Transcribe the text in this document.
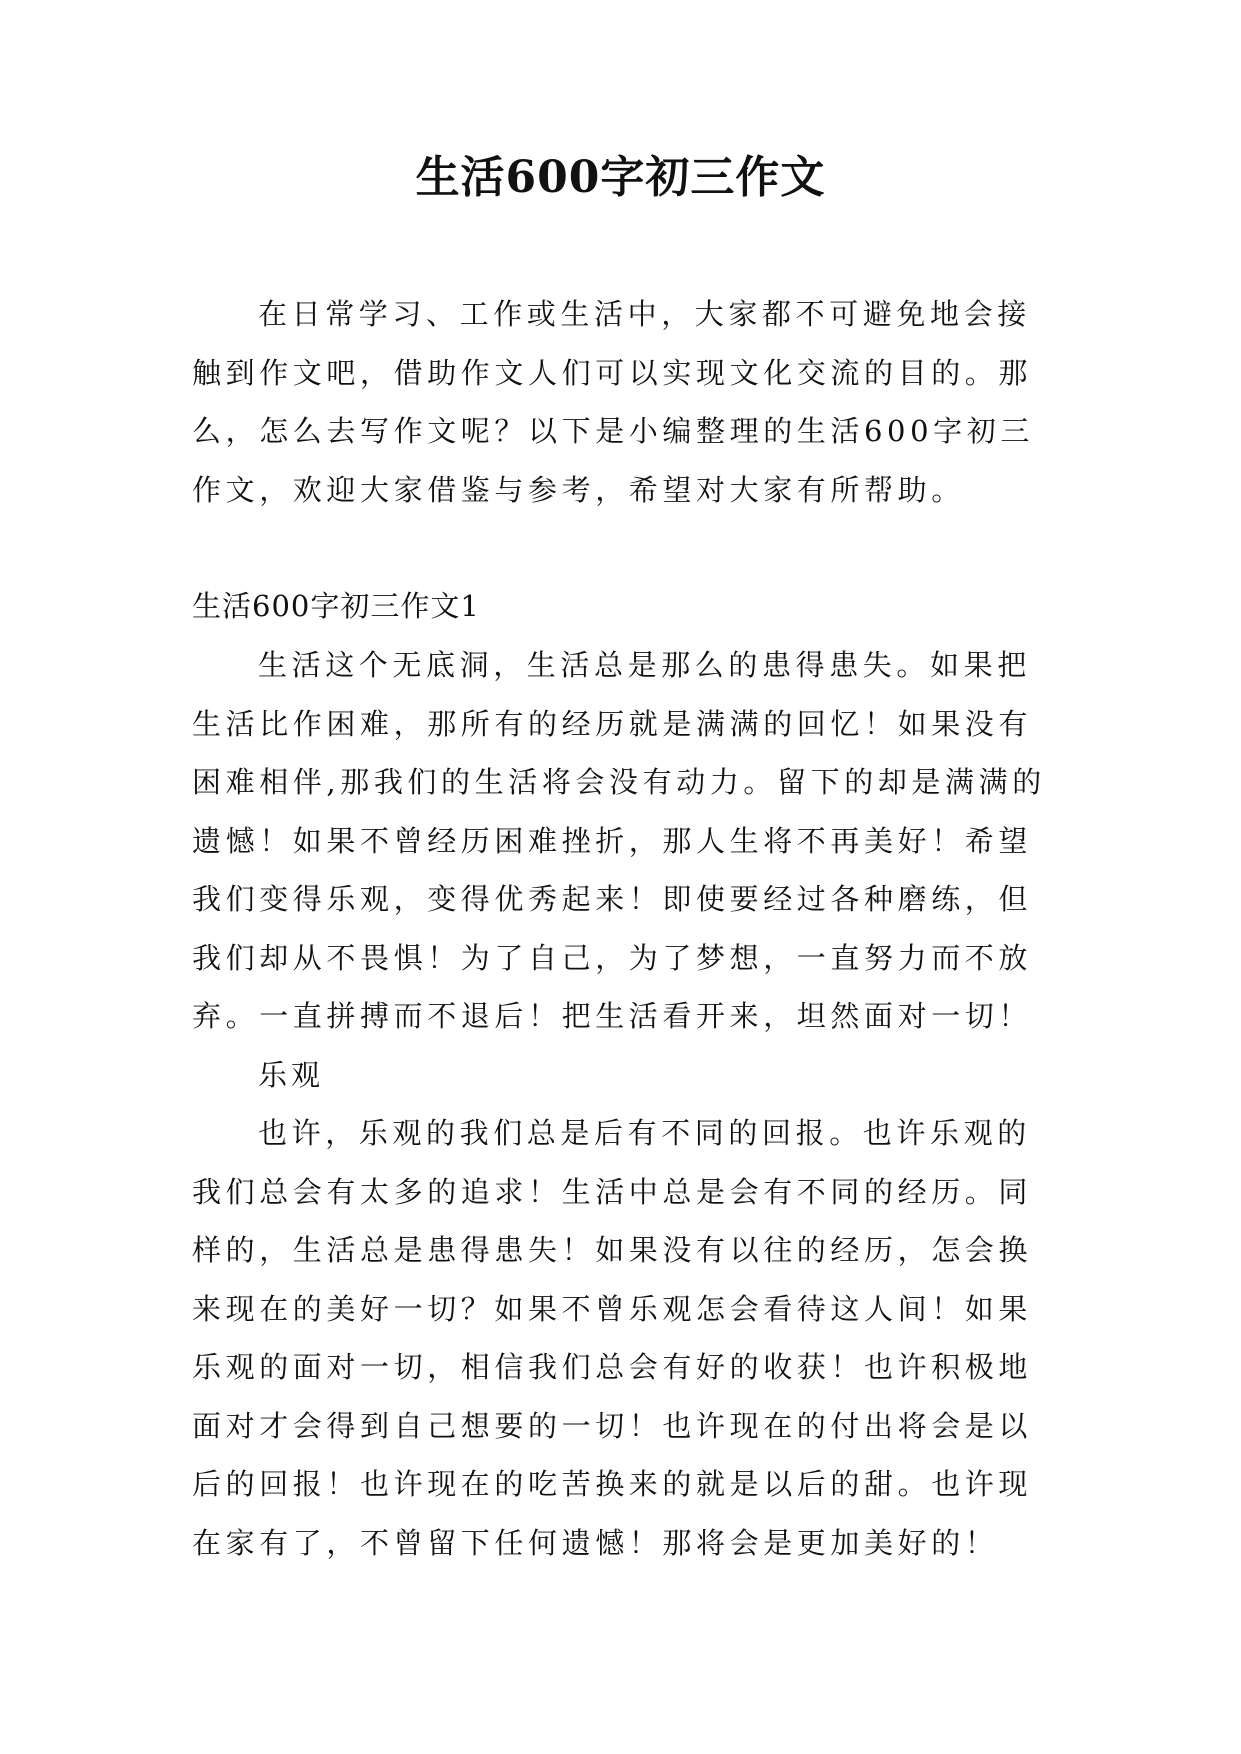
生活600字初三作文
在日常学习、工作或生活中，大家都不可避免地会接触到作文吧，借助作文人们可以实现文化交流的目的。那么，怎么去写作文呢？以下是小编整理的生活600字初三作文，欢迎大家借鉴与参考，希望对大家有所帮助。
生活600字初三作文1
生活这个无底洞，生活总是那么的患得患失。如果把生活比作困难，那所有的经历就是满满的回忆！如果没有困难相伴,那我们的生活将会没有动力。留下的却是满满的遗憾！如果不曾经历困难挫折，那人生将不再美好！希望我们变得乐观，变得优秀起来！即使要经过各种磨练，但我们却从不畏惧！为了自己，为了梦想，一直努力而不放弃。一直拼搏而不退后！把生活看开来，坦然面对一切！
乐观
也许，乐观的我们总是后有不同的回报。也许乐观的我们总会有太多的追求！生活中总是会有不同的经历。同样的，生活总是患得患失！如果没有以往的经历，怎会换来现在的美好一切？如果不曾乐观怎会看待这人间！如果乐观的面对一切，相信我们总会有好的收获！也许积极地面对才会得到自己想要的一切！也许现在的付出将会是以后的回报！也许现在的吃苦换来的就是以后的甜。也许现在家有了，不曾留下任何遗憾！那将会是更加美好的！
